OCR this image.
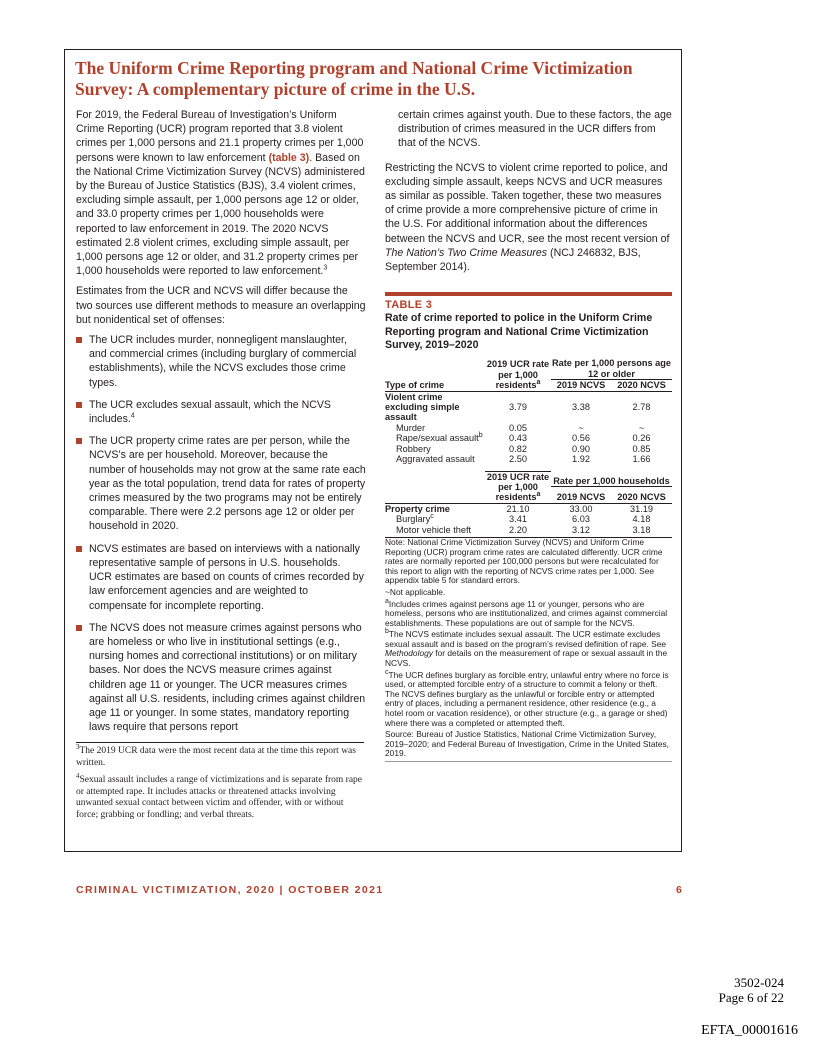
The Uniform Crime Reporting program and National Crime Victimization Survey: A complementary picture of crime in the U.S.

For 2019, the Federal Bureau of Investigation’s Uniform Crime Reporting (UCR) program reported that 3.8 violent crimes per 1,000 persons and 21.1 property crimes per 1,000 persons were known to law enforcement (table 3). Based on the National Crime Victimization Survey (NCVS) administered by the Bureau of Justice Statistics (BJS), 3.4 violent crimes, excluding simple assault, per 1,000 persons age 12 or older, and 33.0 property crimes per 1,000 households were reported to law enforcement in 2019. The 2020 NCVS estimated 2.8 violent crimes, excluding simple assault, per 1,000 persons age 12 or older, and 31.2 property crimes per 1,000 households were reported to law enforcement.$^3$

Estimates from the UCR and NCVS will differ because the two sources use different methods to measure an overlapping but nonidentical set of offenses:

The UCR includes murder, nonnegligent manslaughter, and commercial crimes (including burglary of commercial establishments), while the NCVS excludes those crime types.
The UCR excludes sexual assault, which the NCVS includes.$^4$
The UCR property crime rates are per person, while the NCVS’s are per household. Moreover, because the number of households may not grow at the same rate each year as the total population, trend data for rates of property crimes measured by the two programs may not be entirely comparable. There were 2.2 persons age 12 or older per household in 2020.
NCVS estimates are based on interviews with a nationally representative sample of persons in U.S. households. UCR estimates are based on counts of crimes recorded by law enforcement agencies and are weighted to compensate for incomplete reporting.
The NCVS does not measure crimes against persons who are homeless or who live in institutional settings (e.g., nursing homes and correctional institutions) or on military bases. Nor does the NCVS measure crimes against children age 11 or younger. The UCR measures crimes against all U.S. residents, including crimes against children age 11 or younger. In some states, mandatory reporting laws require that persons report

$^3$The 2019 UCR data were the most recent data at the time this report was written.

$^4$Sexual assault includes a range of victimizations and is separate from rape or attempted rape. It includes attacks or threatened attacks involving unwanted sexual contact between victim and offender, with or without force; grabbing or fondling; and verbal threats.

certain crimes against youth. Due to these factors, the age distribution of crimes measured in the UCR differs from that of the NCVS.

Restricting the NCVS to violent crime reported to police, and excluding simple assault, keeps NCVS and UCR measures as similar as possible. Taken together, these two measures of crime provide a more comprehensive picture of crime in the U.S. For additional information about the differences between the NCVS and UCR, see the most recent version of The Nation’s Two Crime Measures (NCJ 246832, BJS, September 2014).

TABLE 3

Rate of crime reported to police in the Uniform Crime Reporting program and National Crime Victimization Survey, 2019–2020

	2019 UCR rate per 1,000 residents$^a$	Rate per 1,000 persons age 12 or older	
Type of crime		2019 NCVS	2020 NCVS
Violent crime excluding simple assault	3.79	3.38	2.78
Murder	0.05	~	~
Rape/sexual assault$^b$	0.43	0.56	0.26
Robbery	0.82	0.90	0.85
Aggravated assault	2.50	1.92	1.66

	2019 UCR rate per 1,000 residents$^a$	Rate per 1,000 households	
		2019 NCVS	2020 NCVS
Property crime	21.10	33.00	31.19
Burglary$^c$	3.41	6.03	4.18
Motor vehicle theft	2.20	3.12	3.18

Note: National Crime Victimization Survey (NCVS) and Uniform Crime Reporting (UCR) program crime rates are calculated differently. UCR crime rates are normally reported per 100,000 persons but were recalculated for this report to align with the reporting of NCVS crime rates per 1,000. See appendix table 5 for standard errors.

~Not applicable.

$^a$Includes crimes against persons age 11 or younger, persons who are homeless, persons who are institutionalized, and crimes against commercial establishments. These populations are out of sample for the NCVS.

$^b$The NCVS estimate includes sexual assault. The UCR estimate excludes sexual assault and is based on the program’s revised definition of rape. See Methodology for details on the measurement of rape or sexual assault in the NCVS.

$^c$The UCR defines burglary as forcible entry, unlawful entry where no force is used, or attempted forcible entry of a structure to commit a felony or theft. The NCVS defines burglary as the unlawful or forcible entry or attempted entry of places, including a permanent residence, other residence (e.g., a hotel room or vacation residence), or other structure (e.g., a garage or shed) where there was a completed or attempted theft.

Source: Bureau of Justice Statistics, National Crime Victimization Survey, 2019–2020; and Federal Bureau of Investigation, Crime in the United States, 2019.

CRIMINAL VICTIMIZATION, 2020 | OCTOBER 2021	6
3502-024
Page 6 of 22
EFTA_00001616
